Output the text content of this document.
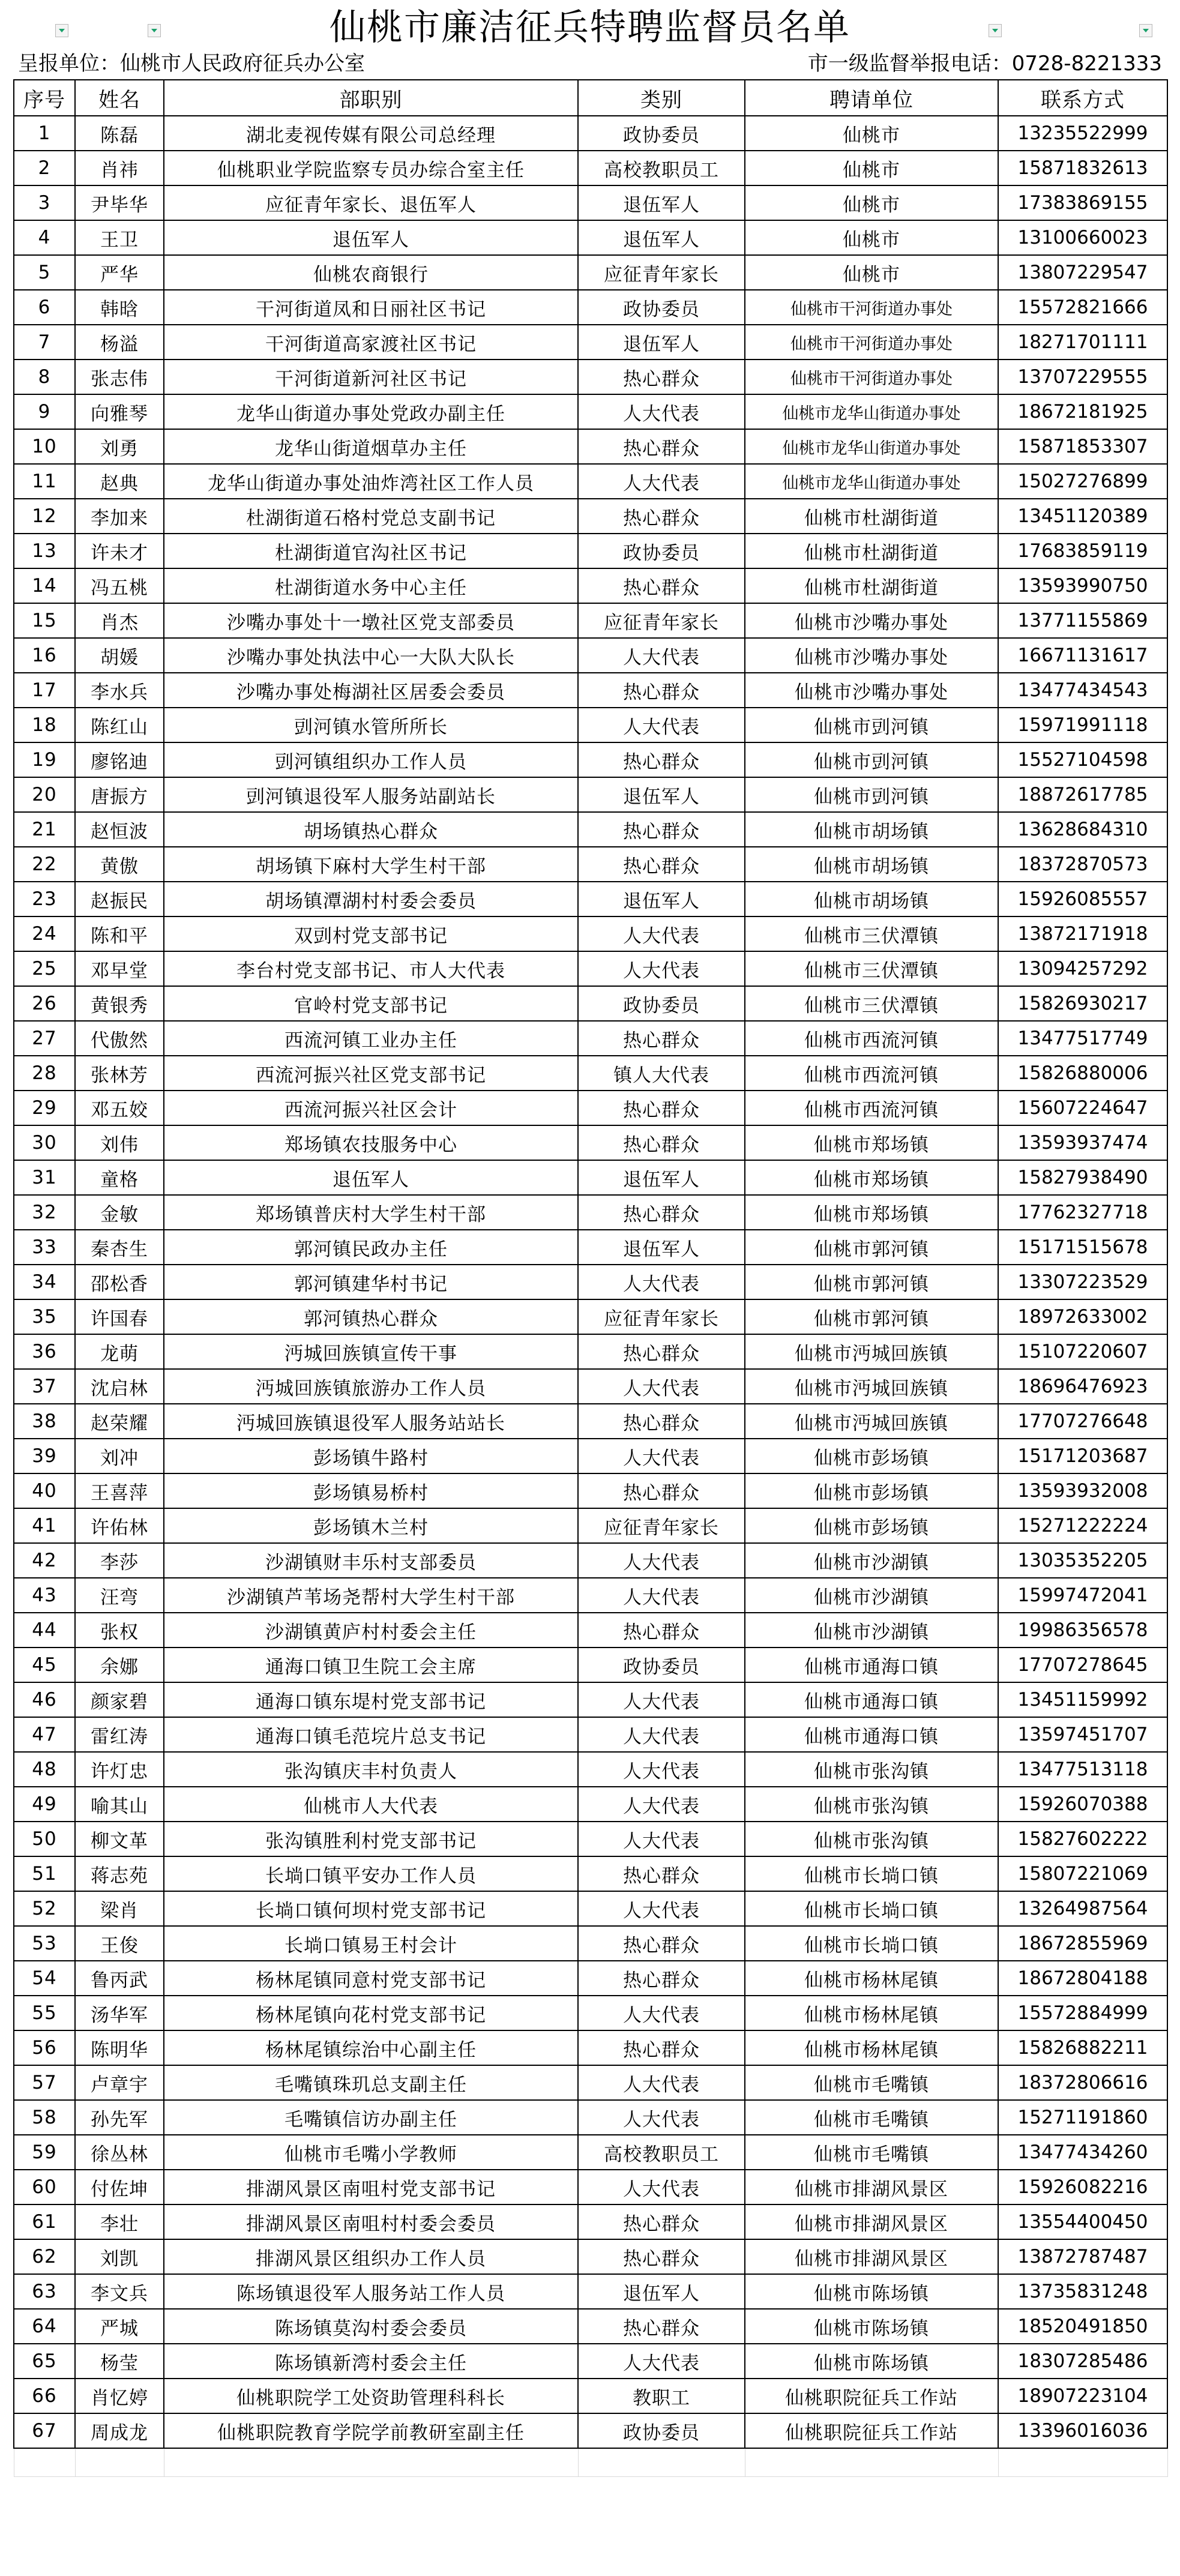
仙桃市廉洁征兵特聘监督员名单
呈报单位：仙桃市人民政府征兵办公室	市一级监督举报电话：0728-8221333
序号	姓名	部职别	类别	聘请单位	联系方式
1	陈磊	湖北麦视传媒有限公司总经理	政协委员	仙桃市	13235522999
2	肖祎	仙桃职业学院监察专员办综合室主任	高校教职员工	仙桃市	15871832613
3	尹毕华	应征青年家长、退伍军人	退伍军人	仙桃市	17383869155
4	王卫	退伍军人	退伍军人	仙桃市	13100660023
5	严华	仙桃农商银行	应征青年家长	仙桃市	13807229547
6	韩晗	干河街道凤和日丽社区书记	政协委员	仙桃市干河街道办事处	15572821666
7	杨溢	干河街道高家渡社区书记	退伍军人	仙桃市干河街道办事处	18271701111
8	张志伟	干河街道新河社区书记	热心群众	仙桃市干河街道办事处	13707229555
9	向雅琴	龙华山街道办事处党政办副主任	人大代表	仙桃市龙华山街道办事处	18672181925
10	刘勇	龙华山街道烟草办主任	热心群众	仙桃市龙华山街道办事处	15871853307
11	赵典	龙华山街道办事处油炸湾社区工作人员	人大代表	仙桃市龙华山街道办事处	15027276899
12	李加来	杜湖街道石格村党总支副书记	热心群众	仙桃市杜湖街道	13451120389
13	许未才	杜湖街道官沟社区书记	政协委员	仙桃市杜湖街道	17683859119
14	冯五桃	杜湖街道水务中心主任	热心群众	仙桃市杜湖街道	13593990750
15	肖杰	沙嘴办事处十一墩社区党支部委员	应征青年家长	仙桃市沙嘴办事处	13771155869
16	胡媛	沙嘴办事处执法中心一大队大队长	人大代表	仙桃市沙嘴办事处	16671131617
17	李水兵	沙嘴办事处梅湖社区居委会委员	热心群众	仙桃市沙嘴办事处	13477434543
18	陈红山	剅河镇水管所所长	人大代表	仙桃市剅河镇	15971991118
19	廖铭迪	剅河镇组织办工作人员	热心群众	仙桃市剅河镇	15527104598
20	唐振方	剅河镇退役军人服务站副站长	退伍军人	仙桃市剅河镇	18872617785
21	赵恒波	胡场镇热心群众	热心群众	仙桃市胡场镇	13628684310
22	黄傲	胡场镇下麻村大学生村干部	热心群众	仙桃市胡场镇	18372870573
23	赵振民	胡场镇潭湖村村委会委员	退伍军人	仙桃市胡场镇	15926085557
24	陈和平	双剅村党支部书记	人大代表	仙桃市三伏潭镇	13872171918
25	邓早堂	李台村党支部书记、市人大代表	人大代表	仙桃市三伏潭镇	13094257292
26	黄银秀	官岭村党支部书记	政协委员	仙桃市三伏潭镇	15826930217
27	代傲然	西流河镇工业办主任	热心群众	仙桃市西流河镇	13477517749
28	张林芳	西流河振兴社区党支部书记	镇人大代表	仙桃市西流河镇	15826880006
29	邓五姣	西流河振兴社区会计	热心群众	仙桃市西流河镇	15607224647
30	刘伟	郑场镇农技服务中心	热心群众	仙桃市郑场镇	13593937474
31	童格	退伍军人	退伍军人	仙桃市郑场镇	15827938490
32	金敏	郑场镇普庆村大学生村干部	热心群众	仙桃市郑场镇	17762327718
33	秦杏生	郭河镇民政办主任	退伍军人	仙桃市郭河镇	15171515678
34	邵松香	郭河镇建华村书记	人大代表	仙桃市郭河镇	13307223529
35	许国春	郭河镇热心群众	应征青年家长	仙桃市郭河镇	18972633002
36	龙萌	沔城回族镇宣传干事	热心群众	仙桃市沔城回族镇	15107220607
37	沈启林	沔城回族镇旅游办工作人员	人大代表	仙桃市沔城回族镇	18696476923
38	赵荣耀	沔城回族镇退役军人服务站站长	热心群众	仙桃市沔城回族镇	17707276648
39	刘冲	彭场镇牛路村	人大代表	仙桃市彭场镇	15171203687
40	王喜萍	彭场镇易桥村	热心群众	仙桃市彭场镇	13593932008
41	许佑林	彭场镇木兰村	应征青年家长	仙桃市彭场镇	15271222224
42	李莎	沙湖镇财丰乐村支部委员	人大代表	仙桃市沙湖镇	13035352205
43	汪弯	沙湖镇芦苇场尧帮村大学生村干部	人大代表	仙桃市沙湖镇	15997472041
44	张权	沙湖镇黄庐村村委会主任	热心群众	仙桃市沙湖镇	19986356578
45	余娜	通海口镇卫生院工会主席	政协委员	仙桃市通海口镇	17707278645
46	颜家碧	通海口镇东堤村党支部书记	人大代表	仙桃市通海口镇	13451159992
47	雷红涛	通海口镇毛范垸片总支书记	人大代表	仙桃市通海口镇	13597451707
48	许灯忠	张沟镇庆丰村负责人	人大代表	仙桃市张沟镇	13477513118
49	喻其山	仙桃市人大代表	人大代表	仙桃市张沟镇	15926070388
50	柳文革	张沟镇胜利村党支部书记	人大代表	仙桃市张沟镇	15827602222
51	蒋志苑	长埫口镇平安办工作人员	热心群众	仙桃市长埫口镇	15807221069
52	梁肖	长埫口镇何坝村党支部书记	人大代表	仙桃市长埫口镇	13264987564
53	王俊	长埫口镇易王村会计	热心群众	仙桃市长埫口镇	18672855969
54	鲁丙武	杨林尾镇同意村党支部书记	热心群众	仙桃市杨林尾镇	18672804188
55	汤华军	杨林尾镇向花村党支部书记	人大代表	仙桃市杨林尾镇	15572884999
56	陈明华	杨林尾镇综治中心副主任	热心群众	仙桃市杨林尾镇	15826882211
57	卢章宇	毛嘴镇珠玑总支副主任	人大代表	仙桃市毛嘴镇	18372806616
58	孙先军	毛嘴镇信访办副主任	人大代表	仙桃市毛嘴镇	15271191860
59	徐丛林	仙桃市毛嘴小学教师	高校教职员工	仙桃市毛嘴镇	13477434260
60	付佐坤	排湖风景区南咀村党支部书记	人大代表	仙桃市排湖风景区	15926082216
61	李壮	排湖风景区南咀村村委会委员	热心群众	仙桃市排湖风景区	13554400450
62	刘凯	排湖风景区组织办工作人员	热心群众	仙桃市排湖风景区	13872787487
63	李文兵	陈场镇退役军人服务站工作人员	退伍军人	仙桃市陈场镇	13735831248
64	严城	陈场镇莫沟村委会委员	热心群众	仙桃市陈场镇	18520491850
65	杨莹	陈场镇新湾村委会主任	人大代表	仙桃市陈场镇	18307285486
66	肖忆婷	仙桃职院学工处资助管理科科长	教职工	仙桃职院征兵工作站	18907223104
67	周成龙	仙桃职院教育学院学前教研室副主任	政协委员	仙桃职院征兵工作站	13396016036
